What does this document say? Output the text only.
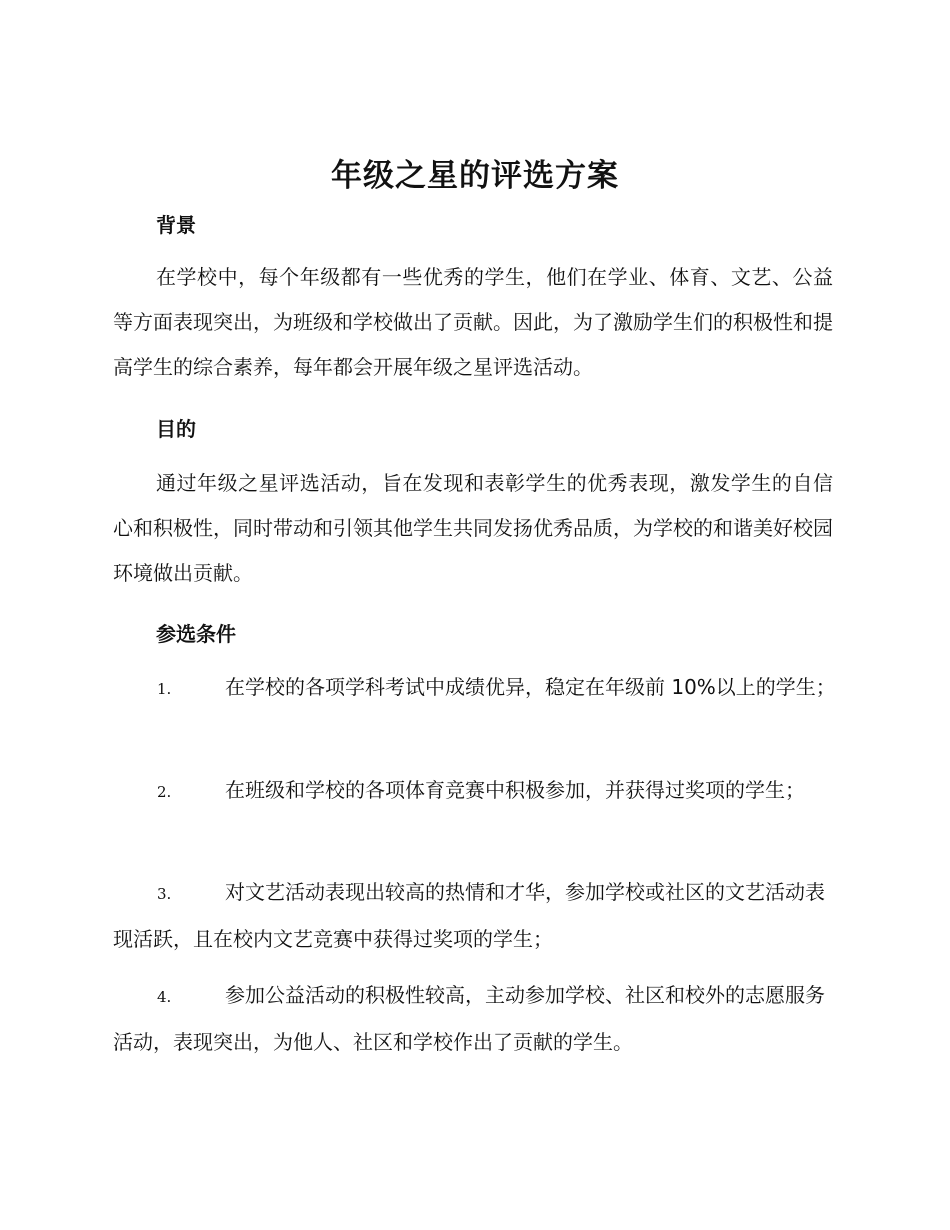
年级之星的评选方案
背景

在学校中，每个年级都有一些优秀的学生，他们在学业、体育、文艺、公益等方面表现突出，为班级和学校做出了贡献。因此，为了激励学生们的积极性和提高学生的综合素养，每年都会开展年级之星评选活动。

目的

通过年级之星评选活动，旨在发现和表彰学生的优秀表现，激发学生的自信心和积极性，同时带动和引领其他学生共同发扬优秀品质，为学校的和谐美好校园环境做出贡献。

参选条件

1.	在学校的各项学科考试中成绩优异，稳定在年级前 10%以上的学生；

2.	在班级和学校的各项体育竞赛中积极参加，并获得过奖项的学生；

3.	对文艺活动表现出较高的热情和才华，参加学校或社区的文艺活动表现活跃，且在校内文艺竞赛中获得过奖项的学生；

4.	参加公益活动的积极性较高，主动参加学校、社区和校外的志愿服务活动，表现突出，为他人、社区和学校作出了贡献的学生。
